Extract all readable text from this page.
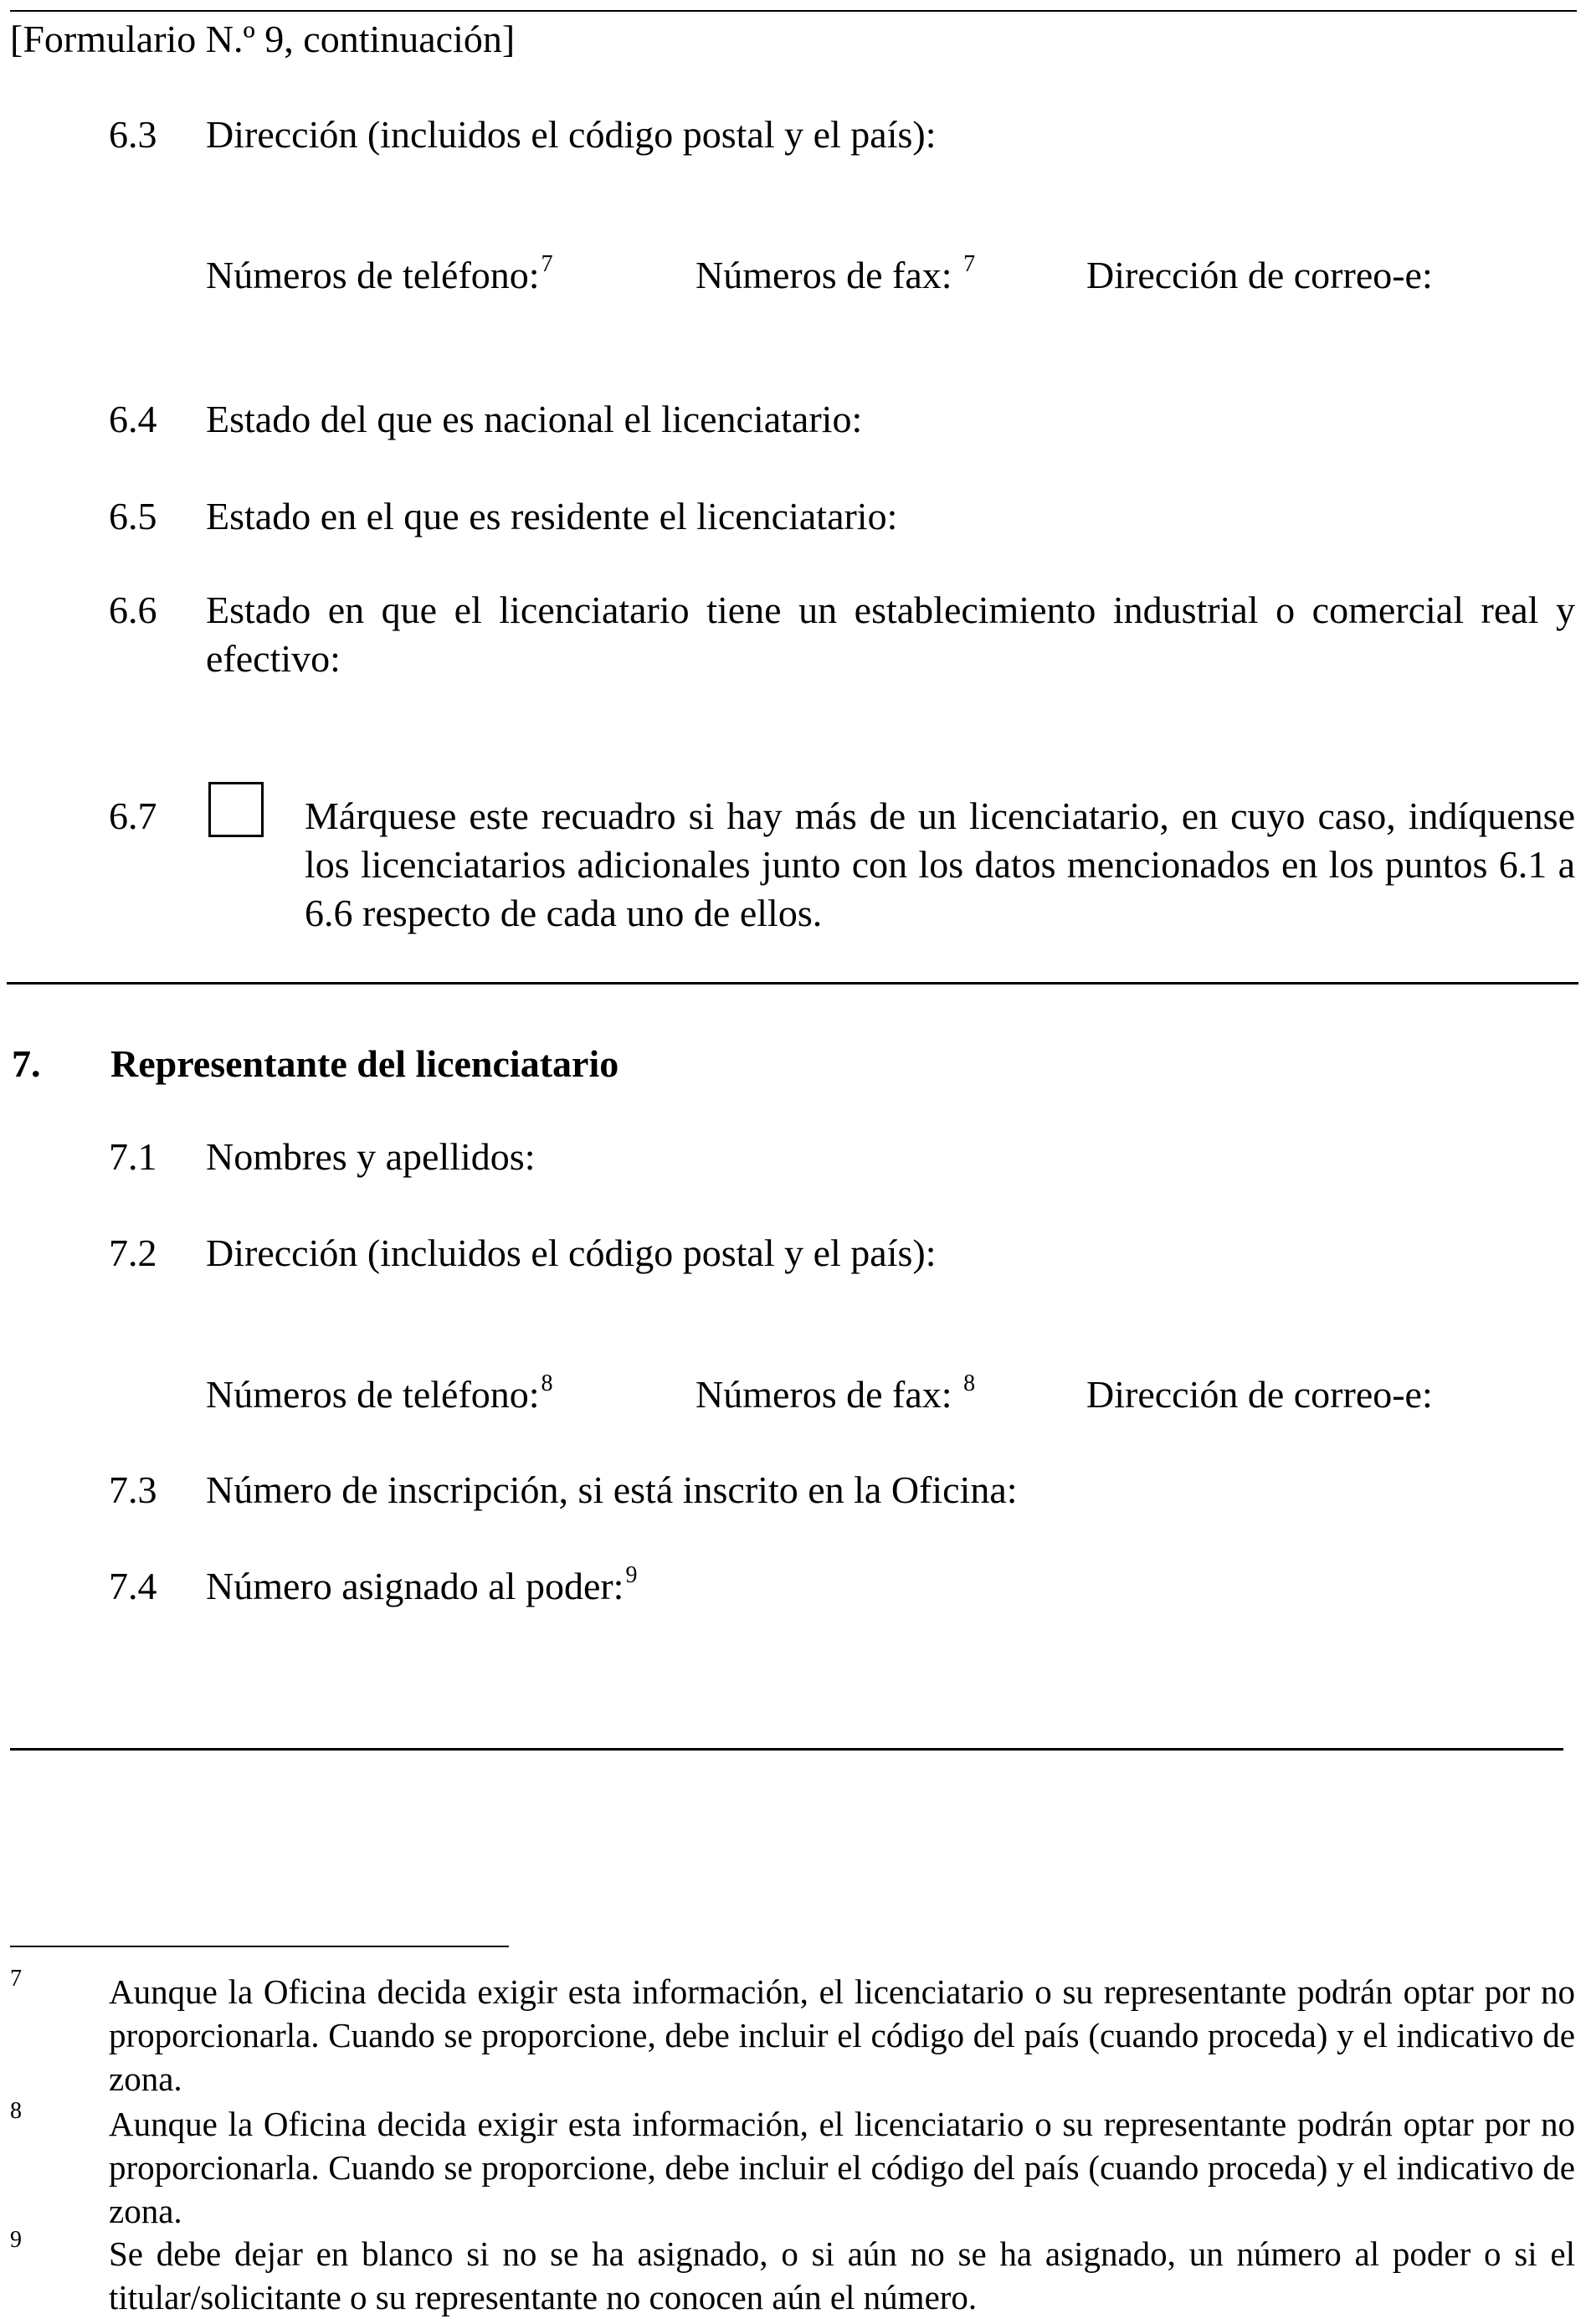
[Formulario N.º 9, continuación]
6.3 Dirección (incluidos el código postal y el país):
Números de teléfono:$^7$	Números de fax: $^7$	Dirección de correo-e:
6.4 Estado del que es nacional el licenciatario:
6.5 Estado en el que es residente el licenciatario:
6.6 Estado en que el licenciatario tiene un establecimiento industrial o comercial real y efectivo:
6.7	Márquese este recuadro si hay más de un licenciatario, en cuyo caso, indíquense los licenciatarios adicionales junto con los datos mencionados en los puntos 6.1 a 6.6 respecto de cada uno de ellos.
7. Representante del licenciatario
7.1 Nombres y apellidos:
7.2 Dirección (incluidos el código postal y el país):
Números de teléfono:$^8$	Números de fax: $^8$	Dirección de correo-e:
7.3 Número de inscripción, si está inscrito en la Oficina:
7.4 Número asignado al poder:$^9$
7	Aunque la Oficina decida exigir esta información, el licenciatario o su representante podrán optar por no proporcionarla. Cuando se proporcione, debe incluir el código del país (cuando proceda) y el indicativo de zona.
8	Aunque la Oficina decida exigir esta información, el licenciatario o su representante podrán optar por no proporcionarla. Cuando se proporcione, debe incluir el código del país (cuando proceda) y el indicativo de zona.
9	Se debe dejar en blanco si no se ha asignado, o si aún no se ha asignado, un número al poder o si el titular/solicitante o su representante no conocen aún el número.
